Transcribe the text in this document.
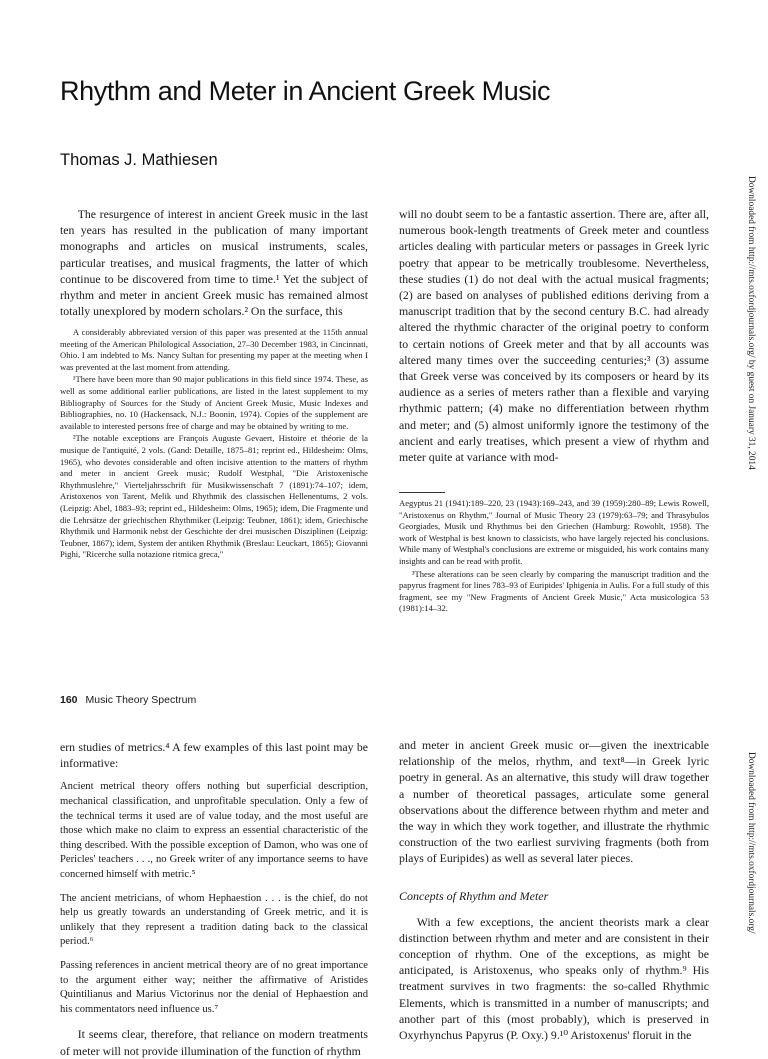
Rhythm and Meter in Ancient Greek Music
Thomas J. Mathiesen

The resurgence of interest in ancient Greek music in the last ten years has resulted in the publication of many important monographs and articles on musical instruments, scales, particular treatises, and musical fragments, the latter of which continue to be discovered from time to time.¹ Yet the subject of rhythm and meter in ancient Greek music has remained almost totally unexplored by modern scholars.² On the surface, this

A considerably abbreviated version of this paper was presented at the 115th annual meeting of the American Philological Association, 27–30 December 1983, in Cincinnati, Ohio. I am indebted to Ms. Nancy Sultan for presenting my paper at the meeting when I was prevented at the last moment from attending.

¹There have been more than 90 major publications in this field since 1974. These, as well as some additional earlier publications, are listed in the latest supplement to my Bibliography of Sources for the Study of Ancient Greek Music, Music Indexes and Bibliographies, no. 10 (Hackensack, N.J.: Boonin, 1974). Copies of the supplement are available to interested persons free of charge and may be obtained by writing to me.

²The notable exceptions are François Auguste Gevaert, Histoire et théorie de la musique de l'antiquité, 2 vols. (Gand: Detaille, 1875–81; reprint ed., Hildesheim: Olms, 1965), who devotes considerable and often incisive attention to the matters of rhythm and meter in ancient Greek music; Rudolf Westphal, "Die Aristoxenische Rhythmuslehre," Vierteljahrsschrift für Musikwissenschaft 7 (1891):74–107; idem, Aristoxenos von Tarent, Melik und Rhythmik des classischen Hellenentums, 2 vols. (Leipzig: Abel, 1883–93; reprint ed., Hildesheim: Olms, 1965); idem, Die Fragmente und die Lehrsätze der griechischen Rhythmiker (Leipzig: Teubner, 1861); idem, Griechische Rhythmik und Harmonik nebst der Geschichte der drei musischen Disziplinen (Leipzig: Teubner, 1867); idem, System der antiken Rhythmik (Breslau: Leuckart, 1865); Giovanni Pighi, "Ricerche sulla notazione ritmica greca,"

will no doubt seem to be a fantastic assertion. There are, after all, numerous book-length treatments of Greek meter and countless articles dealing with particular meters or passages in Greek lyric poetry that appear to be metrically troublesome. Nevertheless, these studies (1) do not deal with the actual musical fragments; (2) are based on analyses of published editions deriving from a manuscript tradition that by the second century B.C. had already altered the rhythmic character of the original poetry to conform to certain notions of Greek meter and that by all accounts was altered many times over the succeeding centuries;³ (3) assume that Greek verse was conceived by its composers or heard by its audience as a series of meters rather than a flexible and varying rhythmic pattern; (4) make no differentiation between rhythm and meter; and (5) almost uniformly ignore the testimony of the ancient and early treatises, which present a view of rhythm and meter quite at variance with mod-

Aegyptus 21 (1941):189–220, 23 (1943):169–243, and 39 (1959):280–89; Lewis Rowell, "Aristoxenus on Rhythm," Journal of Music Theory 23 (1979):63–79; and Thrasybulos Georgiades, Musik und Rhythmus bei den Griechen (Hamburg: Rowohlt, 1958). The work of Westphal is best known to classicists, who have largely rejected his conclusions. While many of Westphal's conclusions are extreme or misguided, his work contains many insights and can be read with profit.

³These alterations can be seen clearly by comparing the manuscript tradition and the papyrus fragment for lines 783–93 of Euripides' Iphigenia in Aulis. For a full study of this fragment, see my "New Fragments of Ancient Greek Music," Acta musicologica 53 (1981):14–32.

Downloaded from http://mts.oxfordjournals.org/ by guest on January 31, 2014
160 Music Theory Spectrum

ern studies of metrics.⁴ A few examples of this last point may be informative:

Ancient metrical theory offers nothing but superficial description, mechanical classification, and unprofitable speculation. Only a few of the technical terms it used are of value today, and the most useful are those which make no claim to express an essential characteristic of the thing described. With the possible exception of Damon, who was one of Pericles' teachers . . ., no Greek writer of any importance seems to have concerned himself with metric.⁵

The ancient metricians, of whom Hephaestion . . . is the chief, do not help us greatly towards an understanding of Greek metric, and it is unlikely that they represent a tradition dating back to the classical period.⁶

Passing references in ancient metrical theory are of no great importance to the argument either way; neither the affirmative of Aristides Quintilianus and Marius Victorinus nor the denial of Hephaestion and his commentators need influence us.⁷

It seems clear, therefore, that reliance on modern treatments of meter will not provide illumination of the function of rhythm

and meter in ancient Greek music or—given the inextricable relationship of the melos, rhythm, and text⁸—in Greek lyric poetry in general. As an alternative, this study will draw together a number of theoretical passages, articulate some general observations about the difference between rhythm and meter and the way in which they work together, and illustrate the rhythmic construction of the two earliest surviving fragments (both from plays of Euripides) as well as several later pieces.

Concepts of Rhythm and Meter

With a few exceptions, the ancient theorists mark a clear distinction between rhythm and meter and are consistent in their conception of rhythm. One of the exceptions, as might be anticipated, is Aristoxenus, who speaks only of rhythm.⁹ His treatment survives in two fragments: the so-called Rhythmic Elements, which is transmitted in a number of manuscripts; and another part of this (most probably), which is preserved in Oxyrhynchus Papyrus (P. Oxy.) 9.¹⁰ Aristoxenus' floruit in the

Downloaded from http://mts.oxfordjournals.org/
